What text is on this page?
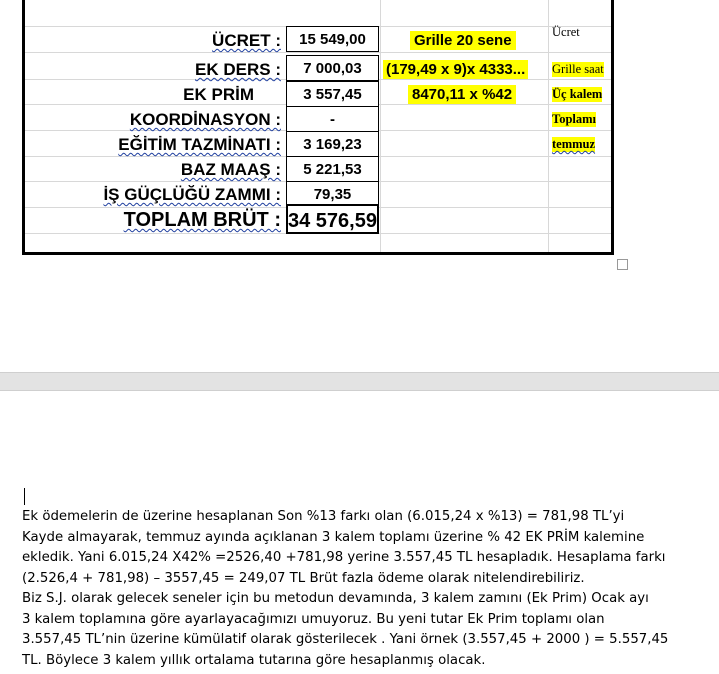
ÜCRET :
EK DERS :
EK PRİM
KOORDİNASYON :
EĞİTİM TAZMİNATI :
BAZ MAAŞ :
İŞ GÜÇLÜĞÜ ZAMMI :
TOPLAM BRÜT :
15 549,00
7 000,03
3 557,45
-
3 169,23
5 221,53
79,35
34 576,59
Grille 20 sene
(179,49 x 9)x 4333...
8470,11 x %42
Ücret
Grille saat
Üç kalem
Toplamı
temmuz

Ek ödemelerin de üzerine hesaplanan Son %13 farkı olan (6.015,24 x %13) = 781,98 TL’yi

Kayde almayarak, temmuz ayında açıklanan 3 kalem toplamı üzerine % 42 EK PRİM kalemine

ekledik. Yani 6.015,24 X42% =2526,40 +781,98 yerine 3.557,45 TL hesapladık. Hesaplama farkı

(2.526,4 + 781,98) – 3557,45 = 249,07 TL Brüt fazla ödeme olarak nitelendirebiliriz.

Biz S.J. olarak gelecek seneler için bu metodun devamında, 3 kalem zamını (Ek Prim) Ocak ayı

3 kalem toplamına göre ayarlayacağımızı umuyoruz. Bu yeni tutar Ek Prim toplamı olan

3.557,45 TL’nin üzerine kümülatif olarak gösterilecek . Yani örnek (3.557,45 + 2000 ) = 5.557,45

TL. Böylece 3 kalem yıllık ortalama tutarına göre hesaplanmış olacak.
